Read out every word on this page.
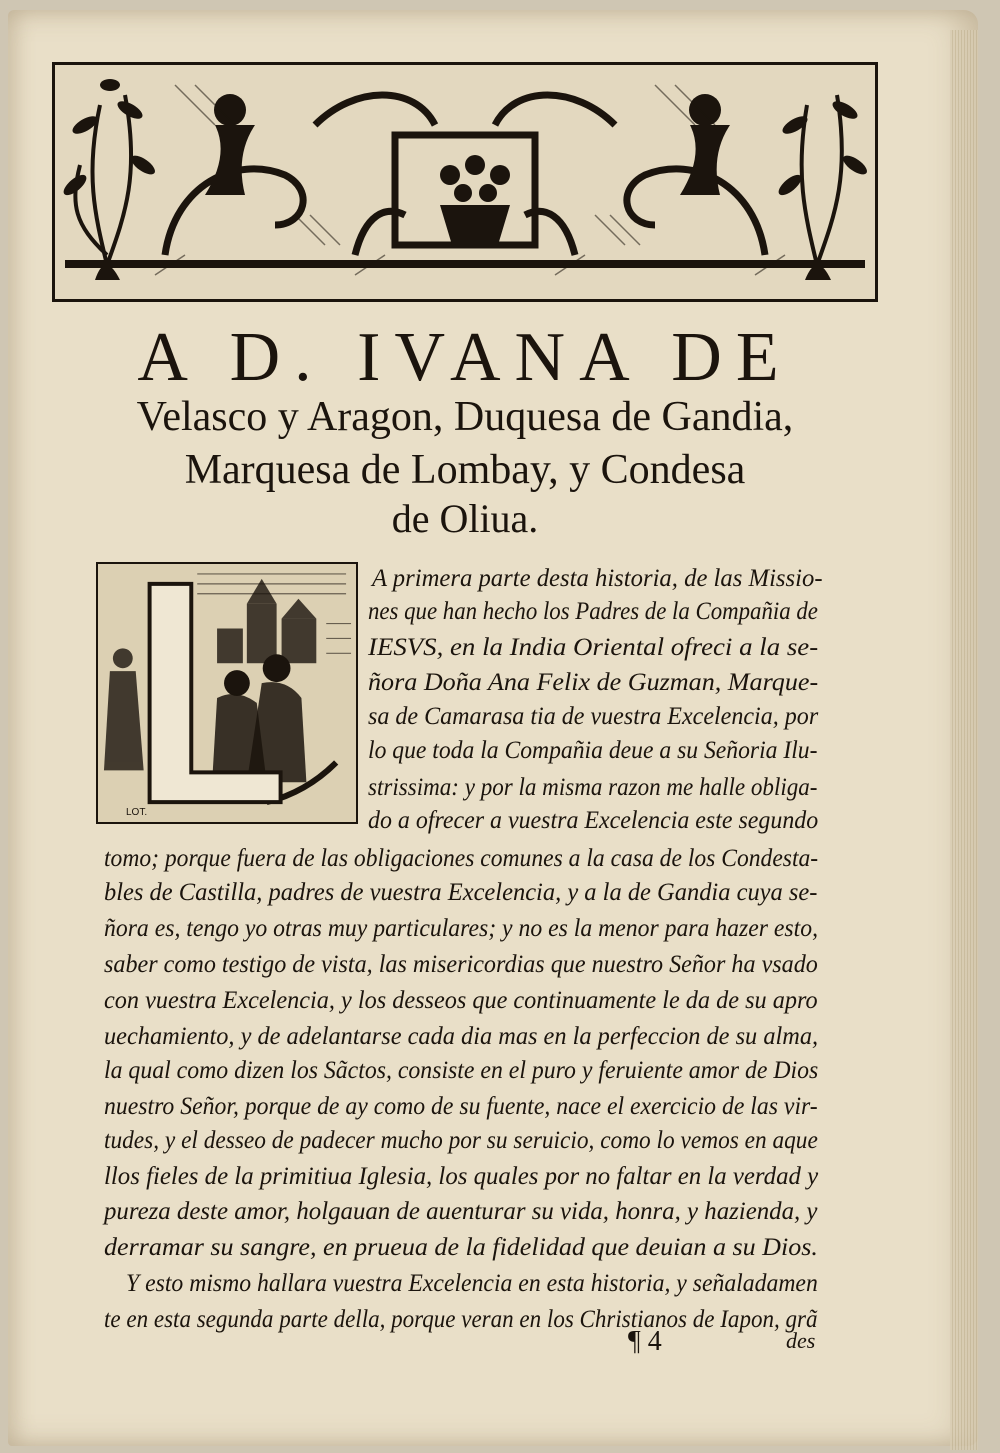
A D. IVANA DE
Velasco y Aragon, Duquesa de Gandia,
Marquesa de Lombay, y Condesa
de Oliua.
LOT.
A primera parte desta historia, de las Missio-
nes que han hecho los Padres de la Compañia de
IESVS, en la India Oriental ofreci a la se-
ñora Doña Ana Felix de Guzman, Marque-
sa de Camarasa tia de vuestra Excelencia, por
lo que toda la Compañia deue a su Señoria Ilu-
strissima: y por la misma razon me halle obliga-
do a ofrecer a vuestra Excelencia este segundo
tomo; porque fuera de las obligaciones comunes a la casa de los Condesta-
bles de Castilla, padres de vuestra Excelencia, y a la de Gandia cuya se-
ñora es, tengo yo otras muy particulares; y no es la menor para hazer esto,
saber como testigo de vista, las misericordias que nuestro Señor ha vsado
con vuestra Excelencia, y los desseos que continuamente le da de su apro
uechamiento, y de adelantarse cada dia mas en la perfeccion de su alma,
la qual como dizen los Sãctos, consiste en el puro y feruiente amor de Dios
nuestro Señor, porque de ay como de su fuente, nace el exercicio de las vir-
tudes, y el desseo de padecer mucho por su seruicio, como lo vemos en aque
llos fieles de la primitiua Iglesia, los quales por no faltar en la verdad y
pureza deste amor, holgauan de auenturar su vida, honra, y hazienda, y
derramar su sangre, en prueua de la fidelidad que deuian a su Dios.
Y esto mismo hallara vuestra Excelencia en esta historia, y señaladamen
te en esta segunda parte della, porque veran en los Christianos de Iapon, grã
¶ 4	des
